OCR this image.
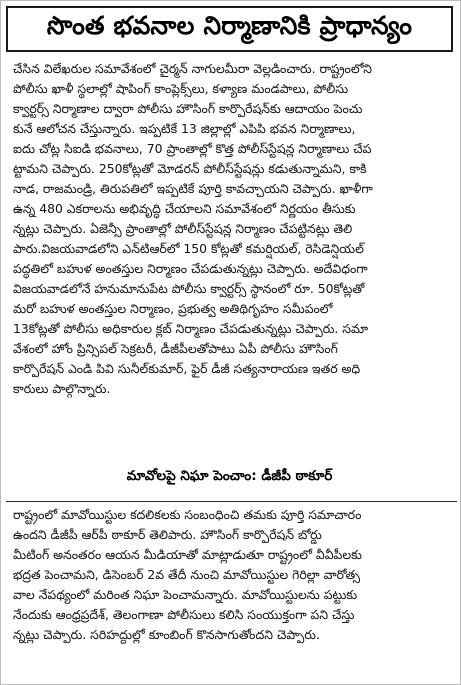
సొంత భవనాల నిర్మాణానికి ప్రాధాన్యం
చేసిన విలేఖరుల సమావేశంలో చైర్మన్ నాగులమీరా వెల్లడించారు. రాష్ట్రంలోని
పోలీసు ఖాళీ స్థలాల్లో షాపింగ్ కాంప్లెక్స్‌లు, కళ్యాణ మండపాలు, పోలీసు
క్వార్టర్స్ నిర్మాణాల ద్వారా పోలీసు హౌసింగ్ కార్పొరేషన్‌కు ఆదాయం పెంచు
కునే ఆలోచన చేస్తున్నారు. ఇప్పటికే 13 జిల్లాల్లో ఎపిపి భవన నిర్మాణాలు,
ఐదు చోట్ల సిఐడి భవనాలు, 70 ప్రాంతాల్లో కొత్త పోలీస్‌స్టేషన్ల నిర్మాణాలు చేప
ట్టామని చెప్పారు. 250కోట్లతో మోడరన్ పోలీస్‌స్టేషన్లు కడుతున్నామని, కాకి
నాడ, రాజమండ్రి, తిరుపతిలో ఇప్పటికే పూర్తి కావచ్చాయని చెప్పారు. ఖాళీగా
ఉన్న 480 ఎకరాలను అభివృద్ధి చేయాలని సమావేశంలో నిర్ణయం తీసుకు
న్నట్లు చెప్పారు. ఏజెన్సీ ప్రాంతాల్లో పోలీస్‌స్టేషన్ల నిర్మాణం చేపట్టినట్లు తెలి
పారు.విజయవాడలోని ఎన్‌టిఆర్‌లో 150 కోట్లతో కమర్షియల్, రెసిడెన్షియల్
పద్ధతిలో బహుళ అంతస్తుల నిర్మాణం చేపడుతున్నట్లు చెప్పారు. అదేవిధంగా
విజయవాడలోనే హనుమానుపేట పోలీసు క్వార్టర్స్ స్థానంలో రూ. 50కోట్లతో
మరో బహుళ అంతస్తుల నిర్మాణం, ప్రభుత్వ అతిథిగృహం సమీపంలో
13కోట్లతో పోలీసు అధికారుల క్లబ్ నిర్మాణం చేపడుతున్నట్లు చెప్పారు. సమా
వేశంలో హోం ప్రిన్సిపల్ సెక్రటరీ, డీజీపీలతోపాటు ఏపీ పోలీసు హౌసింగ్
కార్పొరేషన్ ఎండి పివి సునీల్‌కుమార్, ఫైర్ డీజీ సత్యనారాయణ ఇతర అధి
కారులు పాల్గొన్నారు.
మావోలపై నిఘా పెంచాం: డీజీపీ ఠాకూర్
రాష్ట్రంలో మావోయిస్టుల కదలికలకు సంబంధించి తమకు పూర్తి సమాచారం
ఉందని డీజీపీ ఆర్‌పీ ఠాకూర్ తెలిపారు. హౌసింగ్ కార్పొరేషన్ బోర్డు
మీటింగ్ అనంతరం ఆయన మీడియాతో మాట్లాడుతూ రాష్ట్రంలో వీవీపీలకు
భద్రత పెంచామని, డిసెంబర్ 2వ తేదీ నుంచి మావోయిస్టుల గెరిల్లా వారోత్స
వాల నేపథ్యంలో మరింత నిఘా పెంచామన్నారు. మావోయిస్టులను పట్టుకు
నేందుకు ఆంధ్రప్రదేశ్, తెలంగాణా పోలీసులు కలిసి సంయుక్తంగా పని చేస్తు
న్నట్లు చెప్పారు. సరిహద్దుల్లో కూంబింగ్ కొనసాగుతోందని చెప్పారు.
